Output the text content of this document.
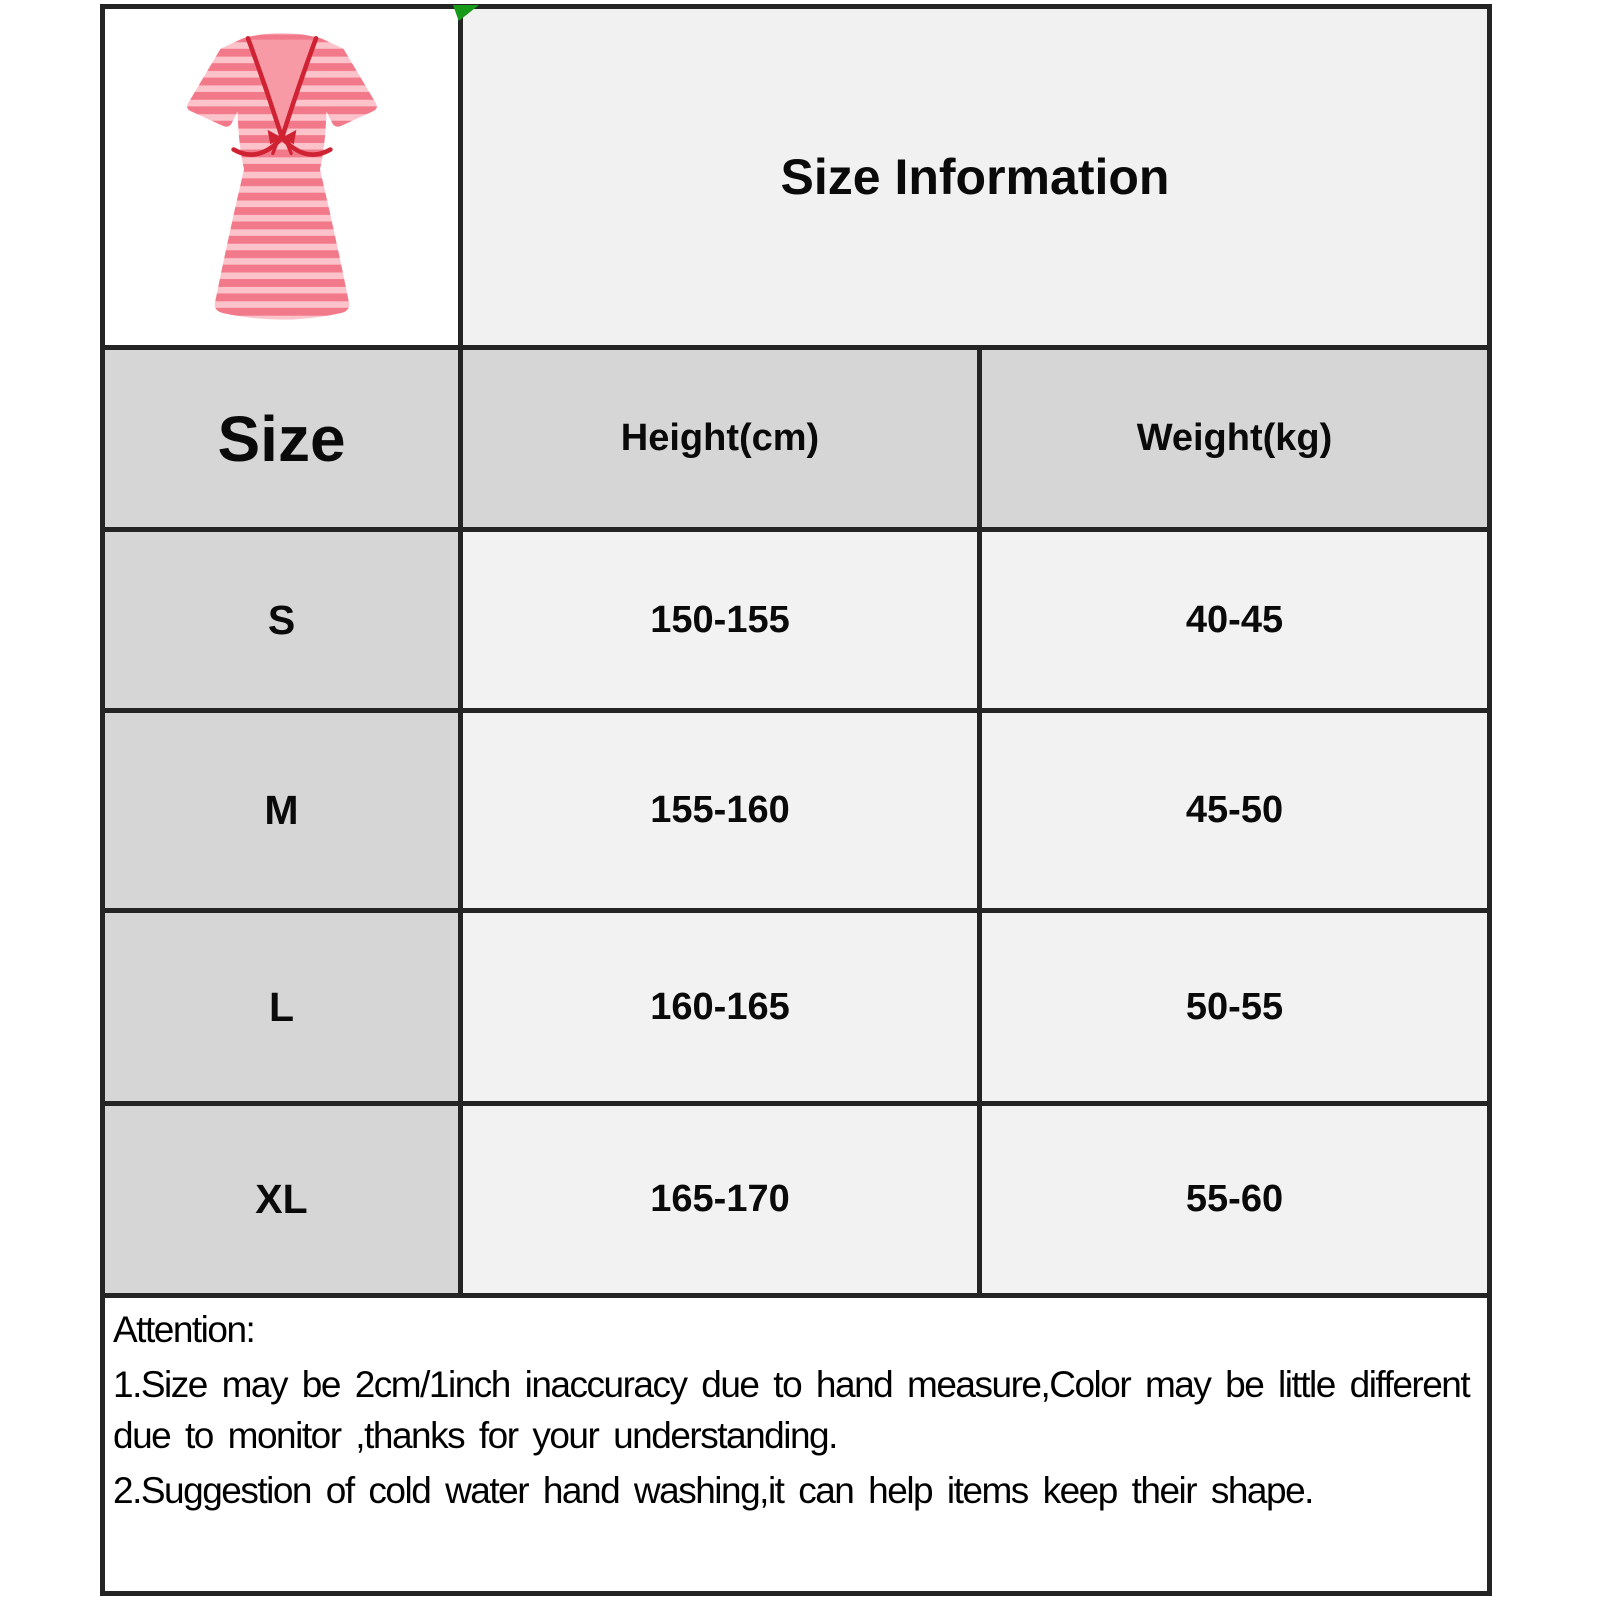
Size Information
Size	Height(cm)	Weight(kg)
S	150-155	40-45
M	155-160	45-50
L	160-165	50-55
XL	165-170	55-60
Attention:
1.Size may be 2cm/1inch inaccuracy due to hand measure,Color may be little different due to monitor ,thanks for your understanding.
2.Suggestion of cold water hand washing,it can help items keep their shape.
